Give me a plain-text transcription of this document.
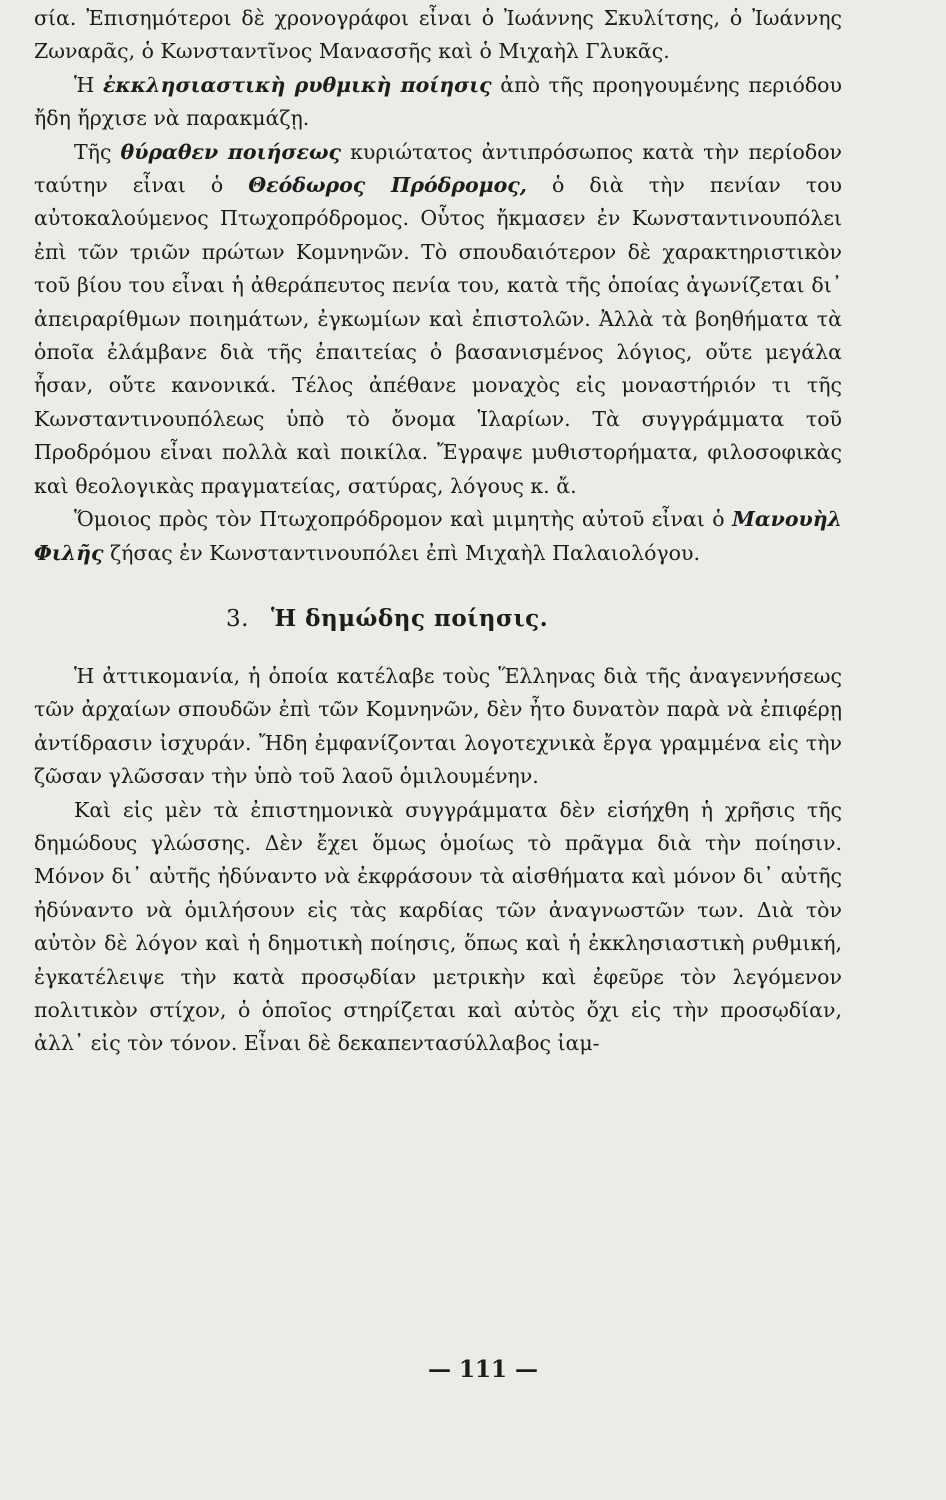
σία. Ἐπισημότεροι δὲ χρονογράφοι εἶναι ὁ Ἰωάννης Σκυλίτσης, ὁ Ἰωάννης Ζωναρᾶς, ὁ Κωνσταντῖνος Μανασσῆς καὶ ὁ Μιχαὴλ Γλυκᾶς.

Ἡ ἐκκλησιαστικὴ ρυθμικὴ ποίησις ἀπὸ τῆς προηγουμένης περιόδου ἤδη ἤρχισε νὰ παρακμάζῃ.

Τῆς θύραθεν ποιήσεως κυριώτατος ἀντιπρόσωπος κατὰ τὴν περίοδον ταύτην εἶναι ὁ Θεόδωρος Πρόδρομος, ὁ διὰ τὴν πενίαν του αὐτοκαλούμενος Πτωχοπρόδρομος. Οὗτος ἤκμασεν ἐν Κωνσταντινουπόλει ἐπὶ τῶν τριῶν πρώτων Κομνηνῶν. Τὸ σπουδαιότερον δὲ χαρακτηριστικὸν τοῦ βίου του εἶναι ἡ ἀθεράπευτος πενία του, κατὰ τῆς ὁποίας ἀγωνίζεται δι᾽ ἀπειραρίθμων ποιημάτων, ἐγκωμίων καὶ ἐπιστολῶν. Ἀλλὰ τὰ βοηθήματα τὰ ὁποῖα ἐλάμβανε διὰ τῆς ἐπαιτείας ὁ βασανισμένος λόγιος, οὔτε μεγάλα ἦσαν, οὔτε κανονικά. Τέλος ἀπέθανε μοναχὸς εἰς μοναστήριόν τι τῆς Κωνσταντινουπόλεως ὑπὸ τὸ ὄνομα Ἱλαρίων. Τὰ συγγράμματα τοῦ Προδρόμου εἶναι πολλὰ καὶ ποικίλα. Ἔγραψε μυθιστορήματα, φιλοσοφικὰς καὶ θεολογικὰς πραγματείας, σατύρας, λόγους κ. ἄ.

Ὅμοιος πρὸς τὸν Πτωχοπρόδρομον καὶ μιμητὴς αὐτοῦ εἶναι ὁ Μανουὴλ Φιλῆς ζήσας ἐν Κωνσταντινουπόλει ἐπὶ Μιχαὴλ Παλαιολόγου.

3. Ἡ δημώδης ποίησις.

Ἡ ἀττικομανία, ἡ ὁποία κατέλαβε τοὺς Ἕλληνας διὰ τῆς ἀναγεννήσεως τῶν ἀρχαίων σπουδῶν ἐπὶ τῶν Κομνηνῶν, δὲν ἦτο δυνατὸν παρὰ νὰ ἐπιφέρῃ ἀντίδρασιν ἰσχυράν. Ἤδη ἐμφανίζονται λογοτεχνικὰ ἔργα γραμμένα εἰς τὴν ζῶσαν γλῶσσαν τὴν ὑπὸ τοῦ λαοῦ ὁμιλουμένην.

Καὶ εἰς μὲν τὰ ἐπιστημονικὰ συγγράμματα δὲν εἰσήχθη ἡ χρῆσις τῆς δημώδους γλώσσης. Δὲν ἔχει ὅμως ὁμοίως τὸ πρᾶγμα διὰ τὴν ποίησιν. Μόνον δι᾽ αὐτῆς ἠδύναντο νὰ ἐκφράσουν τὰ αἰσθήματα καὶ μόνον δι᾽ αὐτῆς ἠδύναντο νὰ ὁμιλήσουν εἰς τὰς καρδίας τῶν ἀναγνωστῶν των. Διὰ τὸν αὐτὸν δὲ λόγον καὶ ἡ δημοτικὴ ποίησις, ὅπως καὶ ἡ ἐκκλησιαστικὴ ρυθμική, ἐγκατέλειψε τὴν κατὰ προσῳδίαν μετρικὴν καὶ ἐφεῦρε τὸν λεγόμενον πολιτικὸν στίχον, ὁ ὁποῖος στηρίζεται καὶ αὐτὸς ὄχι εἰς τὴν προσῳδίαν, ἀλλ᾽ εἰς τὸν τόνον. Εἶναι δὲ δεκαπεντασύλλαβος ἰαμ-

— 111 —
